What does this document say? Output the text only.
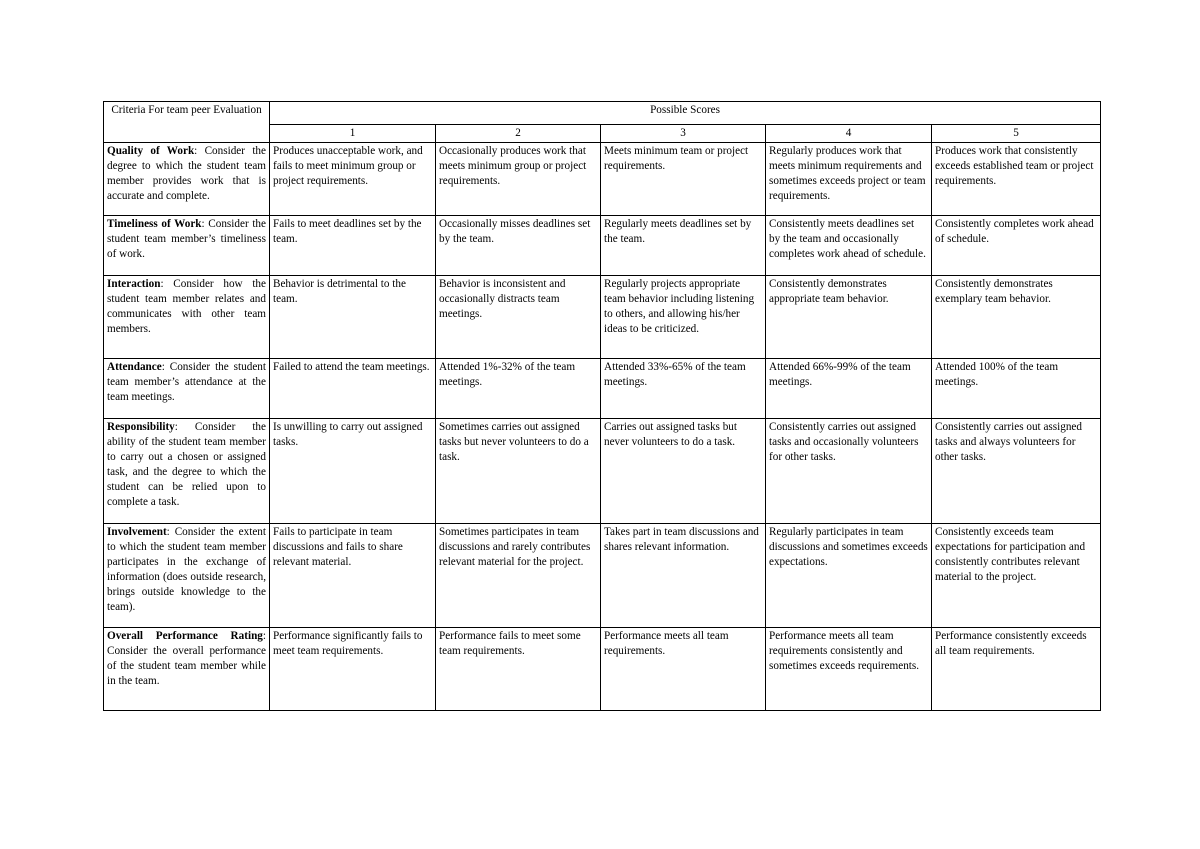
Criteria For team peer Evaluation	Possible Scores				
	1	2	3	4	5
Quality of Work: Consider the degree to which the student team member provides work that is accurate and complete.	Produces unacceptable work, and fails to meet minimum group or project requirements.	Occasionally produces work that meets minimum group or project requirements.	Meets minimum team or project requirements.	Regularly produces work that meets minimum requirements and sometimes exceeds project or team requirements.	Produces work that consistently exceeds established team or project requirements.
Timeliness of Work: Consider the student team member’s timeliness of work.	Fails to meet deadlines set by the team.	Occasionally misses deadlines set by the team.	Regularly meets deadlines set by the team.	Consistently meets deadlines set by the team and occasionally completes work ahead of schedule.	Consistently completes work ahead of schedule.
Interaction: Consider how the student team member relates and communicates with other team members.	Behavior is detrimental to the team.	Behavior is inconsistent and occasionally distracts team meetings.	Regularly projects appropriate team behavior including listening to others, and allowing his/her ideas to be criticized.	Consistently demonstrates appropriate team behavior.	Consistently demonstrates exemplary team behavior.
Attendance: Consider the student team member’s attendance at the team meetings.	Failed to attend the team meetings.	Attended 1%-32% of the team meetings.	Attended 33%-65% of the team meetings.	Attended 66%-99% of the team meetings.	Attended 100% of the team meetings.
Responsibility: Consider the ability of the student team member to carry out a chosen or assigned task, and the degree to which the student can be relied upon to complete a task.	Is unwilling to carry out assigned tasks.	Sometimes carries out assigned tasks but never volunteers to do a task.	Carries out assigned tasks but never volunteers to do a task.	Consistently carries out assigned tasks and occasionally volunteers for other tasks.	Consistently carries out assigned tasks and always volunteers for other tasks.
Involvement: Consider the extent to which the student team member participates in the exchange of information (does outside research, brings outside knowledge to the team).	Fails to participate in team discussions and fails to share relevant material.	Sometimes participates in team discussions and rarely contributes relevant material for the project.	Takes part in team discussions and shares relevant information.	Regularly participates in team discussions and sometimes exceeds expectations.	Consistently exceeds team expectations for participation and consistently contributes relevant material to the project.
Overall Performance Rating: Consider the overall performance of the student team member while in the team.	Performance significantly fails to meet team requirements.	Performance fails to meet some team requirements.	Performance meets all team requirements.	Performance meets all team requirements consistently and sometimes exceeds requirements.	Performance consistently exceeds all team requirements.
